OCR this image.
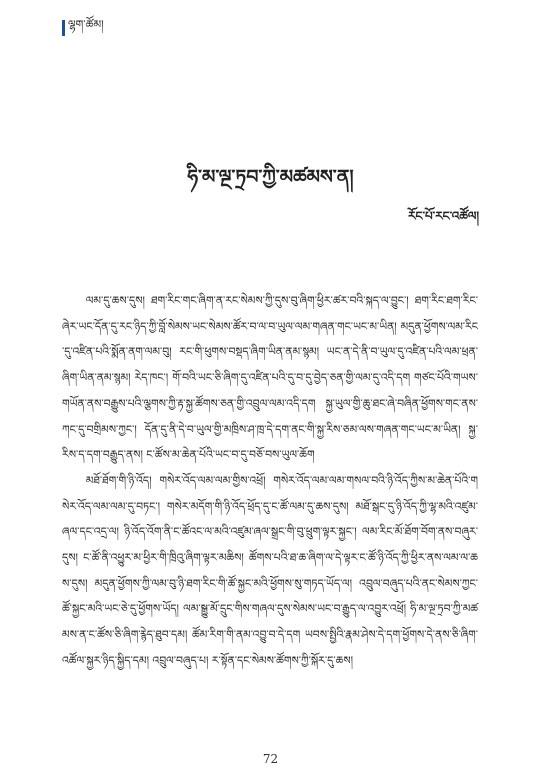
ལྷག་ཚོམ།
ཧི་མ་ལྔ་ཏྲབ་ཀྱི་མཚམས་ན།
རོང་པོ་རང་འཚོལ།

ལམ་དུ་ཆས་དུས། ཐག་རིང་གང་ཞིག་ན་རང་སེམས་ཀྱི་དུས་བུ་ཞིག་ཕྱིར་ཚར་བའི་སྐད་ལ་བྱུང་། ཐག་རིང་ཐག་རིང་ཞེར་ཡང་དོན་དུ་རང་ཉིད་ཀྱི་བློ་སེམས་ཡང་སེམས་ཚོར་བ་ལ་བ་ཡུལ་ལམ་གཞན་གང་ཡང་མ་ཡིན། མདུན་ཕྱོགས་ལམ་རིང་དུ་འཛིན་པའི་སྨོན་ནག་ལམ་བུ། རང་གི་ཕུགས་བསྡད་ཞིག་ཡིན་ནམ་སྙམ། ཡང་ན་དེ་ནི་བ་ཡུལ་དུ་འཛིན་པའི་ལམ་ཕྲན་ཞིག་ཡིན་ནམ་སྙམ། རེད་ཁང་། གོ་བའི་ཡང་ཅི་ཞིག་དུ་འཛིན་པའི་དུ་བ་དུ་བྱེད་ཅན་གྱི་ལམ་དུ་འདི་དག གཙང་པོའི་གཡས་གཡོན་ནས་བརྒྱུས་པའི་ལྕགས་ཀྱི་རྟ་སྐྱ་ཚོགས་ཅན་གྱི་འབྲུལ་ལམ་འདི་དག སྐྱ་ཡུལ་གྱི་ཆུ་ཐང་ཞེ་བཞིན་ཕྱོགས་གང་ནས་ཀང་དུ་བགྲིམས་ཀྱང་། དོན་དུ་ནི་དེ་བ་ཡུལ་གྱི་མཁྲིས་ཤ་ཁྲ་དེ་དག་ནང་གི་སྐྱ་རིས་ཅམ་ལས་གཞན་གང་ཡང་མ་ཡིན། སྐྱ་རིས་ད་དག་བརྒྱུད་ནས། ང་ཚོས་མ་ཆེན་པོའི་ཡང་བ་དུ་བཅོ་བས་ཡུལ་ཆོག

མཐོ་ཐོག་གི་ཉི་འོད། གསེར་འོད་ལམ་ལམ་གྱིས་འཕྲོ། གསེར་འོད་ལམ་ལམ་གསལ་བའི་ཉི་འོད་ཀྱིས་མ་ཆེན་པོའི་གསེར་འོད་ལམ་ལམ་དུ་བཏང་། གསེར་མདོག་གི་ཉི་འོད་ཕྲོད་དུ་ང་ཚོ་ལམ་དུ་ཆས་དུས། མཐོ་སྒང་དུ་ཉི་འོད་ཀྱི་ལྷ་མའི་འཛུམ་ཞལ་དང་འདྲ་ལ། ཉི་འོད་འོག་ནི་ང་ཚོའང་ལ་མའི་འཛུམ་ཞལ་སྒྲང་གི་བུ་ཕྲུག་ལྟར་སྐྱང་། ལམ་རིང་མོ་ཐོག་བོག་ནས་བཞུར་དུས། ང་ཚོ་ནི་འཕྱུར་མ་ཕྱིར་གི་ཁྲིའུ་ཞིག་ལྟར་མཆིས། ཚོགས་པའི་ཐ་ཆ་ཞིག་ལ་དེ་ལྟར་ང་ཚོ་ཉི་འོད་ཀྱི་ཕྱིར་ནས་ལམ་ལ་ཆས་དུས། མདུན་ཕྱོགས་ཀྱི་ལམ་བུ་ཉི་ཐག་རིང་གི་ཚོ་སྐྱང་མའི་ཕྱོགས་སུ་གཏད་ཡོད་ལ། འབྲུལ་བཞུད་པའི་ནང་སེམས་ཀྱང་ཚོ་སྐྱང་མའི་ཡང་ཅེ་དུ་ཕྱོགས་ཡོད། ལམ་སྒྱུ་མོ་དྲུང་གིས་གཞལ་དུས་སེམས་ཡང་བ་རྒྱུད་ལ་འབྱུར་འཕྲོ། ཧི་མ་ལྔ་ཏྲབ་ཀྱི་མཚམས་ན་ང་ཚོས་ཅི་ཞིག་རྙེད་ཐུབ་དམ། ཚོམ་རིག་གི་ནམ་འབྱུ་བ་དེ་དག ཡབས་སྤྱིའི་རྣམ་ཤེས་དེ་དག་ཕྱོགས་དེ་ནས་ཅི་ཞིག་འཚོལ་སྐྱར་ཉིད་སྐྱིད་དམ། འབྲུལ་བཞུད་པ། ར་སྟོན་དང་སེམས་ཚོགས་ཀྱི་སྐོར་དུ་ཆས།

72
